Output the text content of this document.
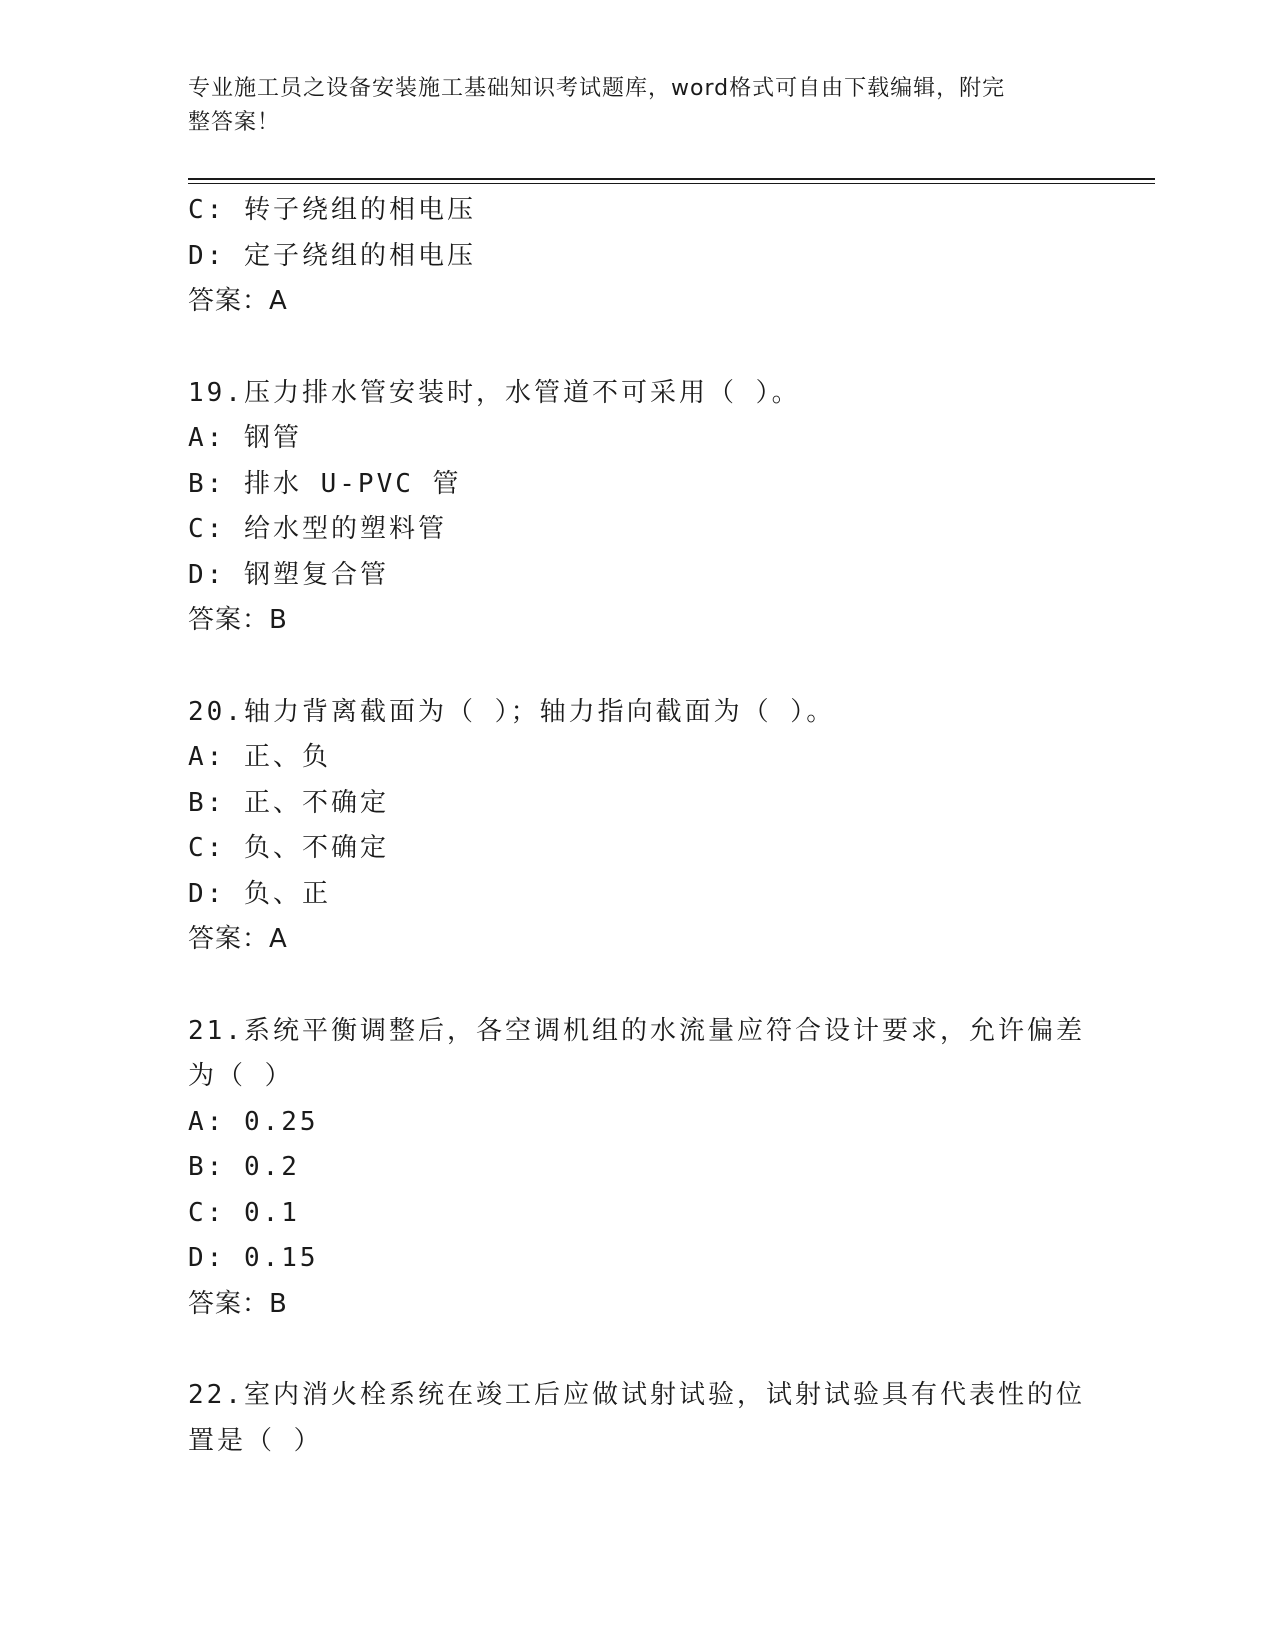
专业施工员之设备安装施工基础知识考试题库，word格式可自由下载编辑，附完
整答案！
C: 转子绕组的相电压
D: 定子绕组的相电压
答案：A
19.压力排水管安装时，水管道不可采用（ ）。
A: 钢管
B: 排水 U-PVC 管
C: 给水型的塑料管
D: 钢塑复合管
答案：B
20.轴力背离截面为（ ）；轴力指向截面为（ ）。
A: 正、负
B: 正、不确定
C: 负、不确定
D: 负、正
答案：A
21.系统平衡调整后，各空调机组的水流量应符合设计要求，允许偏差
为（ ）
A: 0.25
B: 0.2
C: 0.1
D: 0.15
答案：B
22.室内消火栓系统在竣工后应做试射试验，试射试验具有代表性的位
置是（ ）
